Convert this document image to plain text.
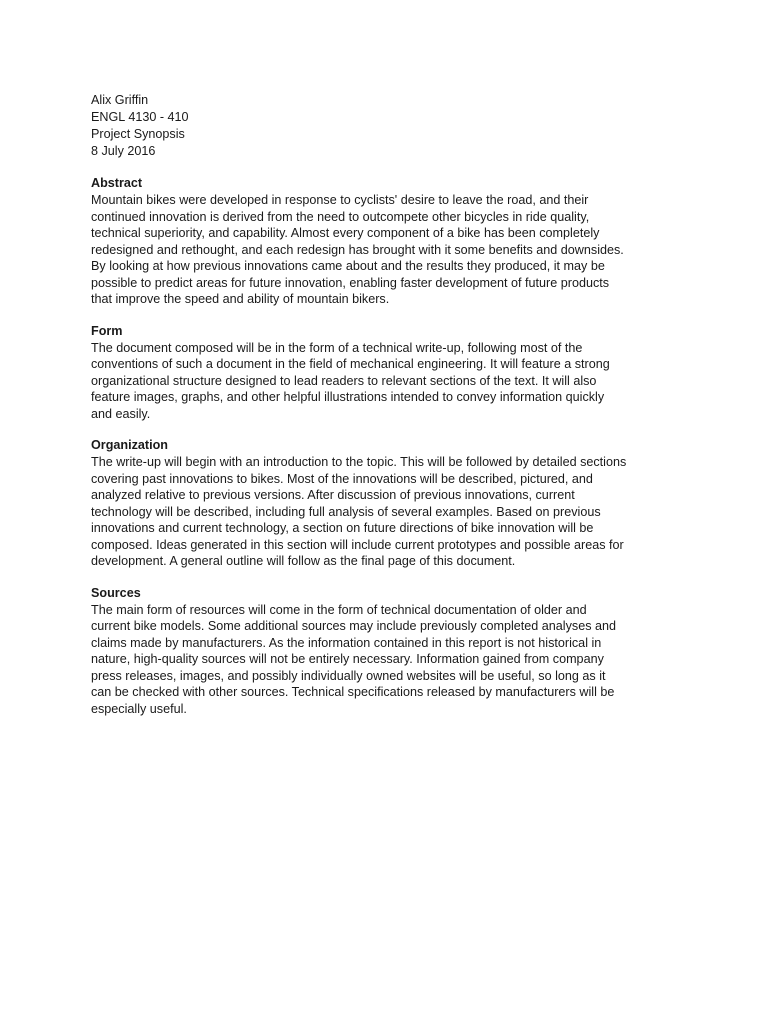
Alix Griffin

ENGL 4130 - 410

Project Synopsis

8 July 2016

Abstract

Mountain bikes were developed in response to cyclists' desire to leave the road, and their
continued innovation is derived from the need to outcompete other bicycles in ride quality,
technical superiority, and capability. Almost every component of a bike has been completely
redesigned and rethought, and each redesign has brought with it some benefits and downsides.
By looking at how previous innovations came about and the results they produced, it may be
possible to predict areas for future innovation, enabling faster development of future products
that improve the speed and ability of mountain bikers.

Form

The document composed will be in the form of a technical write-up, following most of the
conventions of such a document in the field of mechanical engineering. It will feature a strong
organizational structure designed to lead readers to relevant sections of the text. It will also
feature images, graphs, and other helpful illustrations intended to convey information quickly
and easily.

Organization

The write-up will begin with an introduction to the topic. This will be followed by detailed sections
covering past innovations to bikes. Most of the innovations will be described, pictured, and
analyzed relative to previous versions. After discussion of previous innovations, current
technology will be described, including full analysis of several examples. Based on previous
innovations and current technology, a section on future directions of bike innovation will be
composed. Ideas generated in this section will include current prototypes and possible areas for
development. A general outline will follow as the final page of this document.

Sources

The main form of resources will come in the form of technical documentation of older and
current bike models. Some additional sources may include previously completed analyses and
claims made by manufacturers. As the information contained in this report is not historical in
nature, high-quality sources will not be entirely necessary. Information gained from company
press releases, images, and possibly individually owned websites will be useful, so long as it
can be checked with other sources. Technical specifications released by manufacturers will be
especially useful.
